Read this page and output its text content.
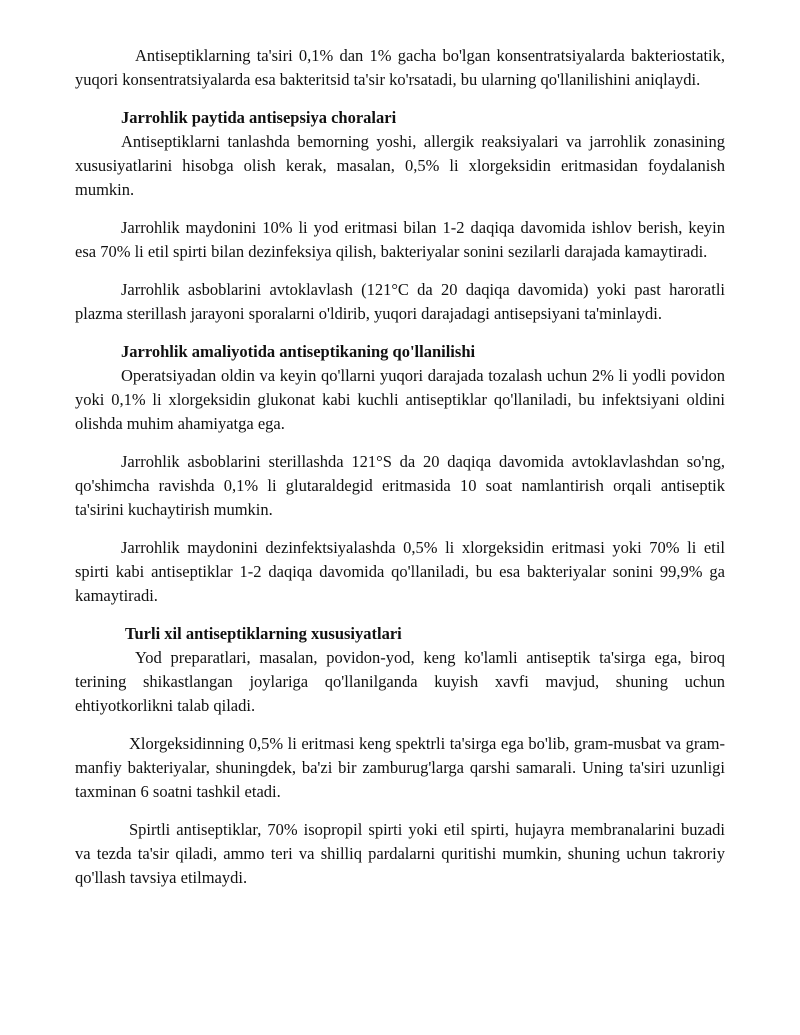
Antiseptiklarning ta'siri 0,1% dan 1% gacha bo'lgan konsentratsiyalarda bakteriostatik, yuqori konsentratsiyalarda esa bakteritsid ta'sir ko'rsatadi, bu ularning qo'llanilishini aniqlaydi.

Jarrohlik paytida antisepsiya choralari

Antiseptiklarni tanlashda bemorning yoshi, allergik reaksiyalari va jarrohlik zonasining xususiyatlarini hisobga olish kerak, masalan, 0,5% li xlorgeksidin eritmasidan foydalanish mumkin.

Jarrohlik maydonini 10% li yod eritmasi bilan 1-2 daqiqa davomida ishlov berish, keyin esa 70% li etil spirti bilan dezinfeksiya qilish, bakteriyalar sonini sezilarli darajada kamaytiradi.

Jarrohlik asboblarini avtoklavlash (121°C da 20 daqiqa davomida) yoki past haroratli plazma sterillash jarayoni sporalarni o'ldirib, yuqori darajadagi antisepsiyani ta'minlaydi.

Jarrohlik amaliyotida antiseptikaning qo'llanilishi

Operatsiyadan oldin va keyin qo'llarni yuqori darajada tozalash uchun 2% li yodli povidon yoki 0,1% li xlorgeksidin glukonat kabi kuchli antiseptiklar qo'llaniladi, bu infektsiyani oldini olishda muhim ahamiyatga ega.

Jarrohlik asboblarini sterillashda 121°S da 20 daqiqa davomida avtoklavlashdan so'ng, qo'shimcha ravishda 0,1% li glutaraldegid eritmasida 10 soat namlantirish orqali antiseptik ta'sirini kuchaytirish mumkin.

Jarrohlik maydonini dezinfektsiyalashda 0,5% li xlorgeksidin eritmasi yoki 70% li etil spirti kabi antiseptiklar 1-2 daqiqa davomida qo'llaniladi, bu esa bakteriyalar sonini 99,9% ga kamaytiradi.

Turli xil antiseptiklarning xususiyatlari

Yod preparatlari, masalan, povidon-yod, keng ko'lamli antiseptik ta'sirga ega, biroq terining shikastlangan joylariga qo'llanilganda kuyish xavfi mavjud, shuning uchun ehtiyotkorlikni talab qiladi.

Xlorgeksidinning 0,5% li eritmasi keng spektrli ta'sirga ega bo'lib, gram-musbat va gram-manfiy bakteriyalar, shuningdek, ba'zi bir zamburug'larga qarshi samarali. Uning ta'siri uzunligi taxminan 6 soatni tashkil etadi.

Spirtli antiseptiklar, 70% isopropil spirti yoki etil spirti, hujayra membranalarini buzadi va tezda ta'sir qiladi, ammo teri va shilliq pardalarni quritishi mumkin, shuning uchun takroriy qo'llash tavsiya etilmaydi.
